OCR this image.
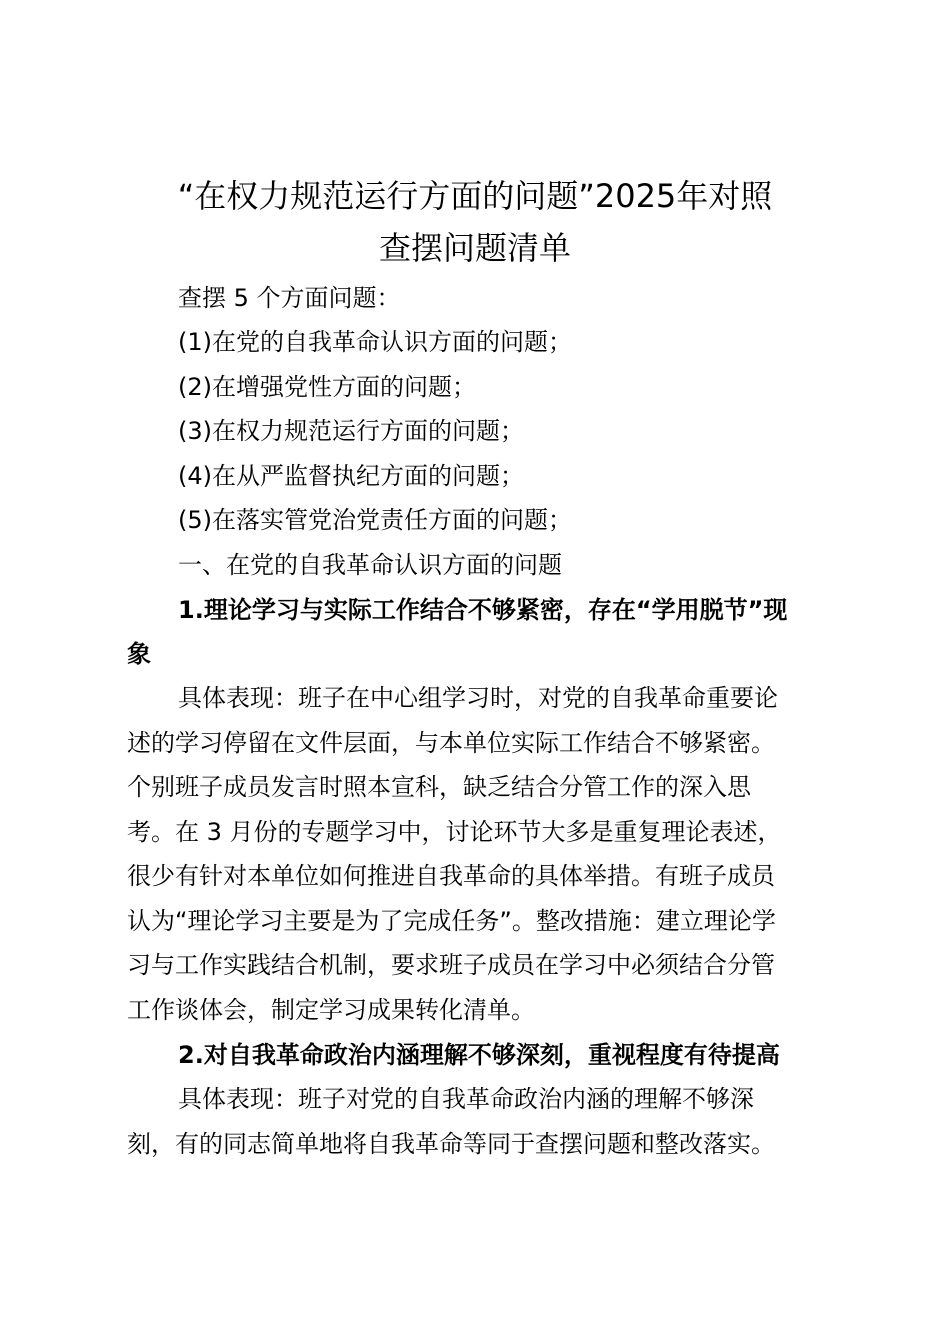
“在权力规范运行方面的问题”2025年对照
查摆问题清单

查摆 5 个方面问题：

(1)在党的自我革命认识方面的问题；

(2)在增强党性方面的问题；

(3)在权力规范运行方面的问题；

(4)在从严监督执纪方面的问题；

(5)在落实管党治党责任方面的问题；

一、在党的自我革命认识方面的问题

1.理论学习与实际工作结合不够紧密，存在“学用脱节”现

象

具体表现：班子在中心组学习时，对党的自我革命重要论

述的学习停留在文件层面，与本单位实际工作结合不够紧密。

个别班子成员发言时照本宣科，缺乏结合分管工作的深入思

考。在 3 月份的专题学习中，讨论环节大多是重复理论表述，

很少有针对本单位如何推进自我革命的具体举措。有班子成员

认为“理论学习主要是为了完成任务”。整改措施：建立理论学

习与工作实践结合机制，要求班子成员在学习中必须结合分管

工作谈体会，制定学习成果转化清单。

2.对自我革命政治内涵理解不够深刻，重视程度有待提高

具体表现：班子对党的自我革命政治内涵的理解不够深

刻，有的同志简单地将自我革命等同于查摆问题和整改落实。
